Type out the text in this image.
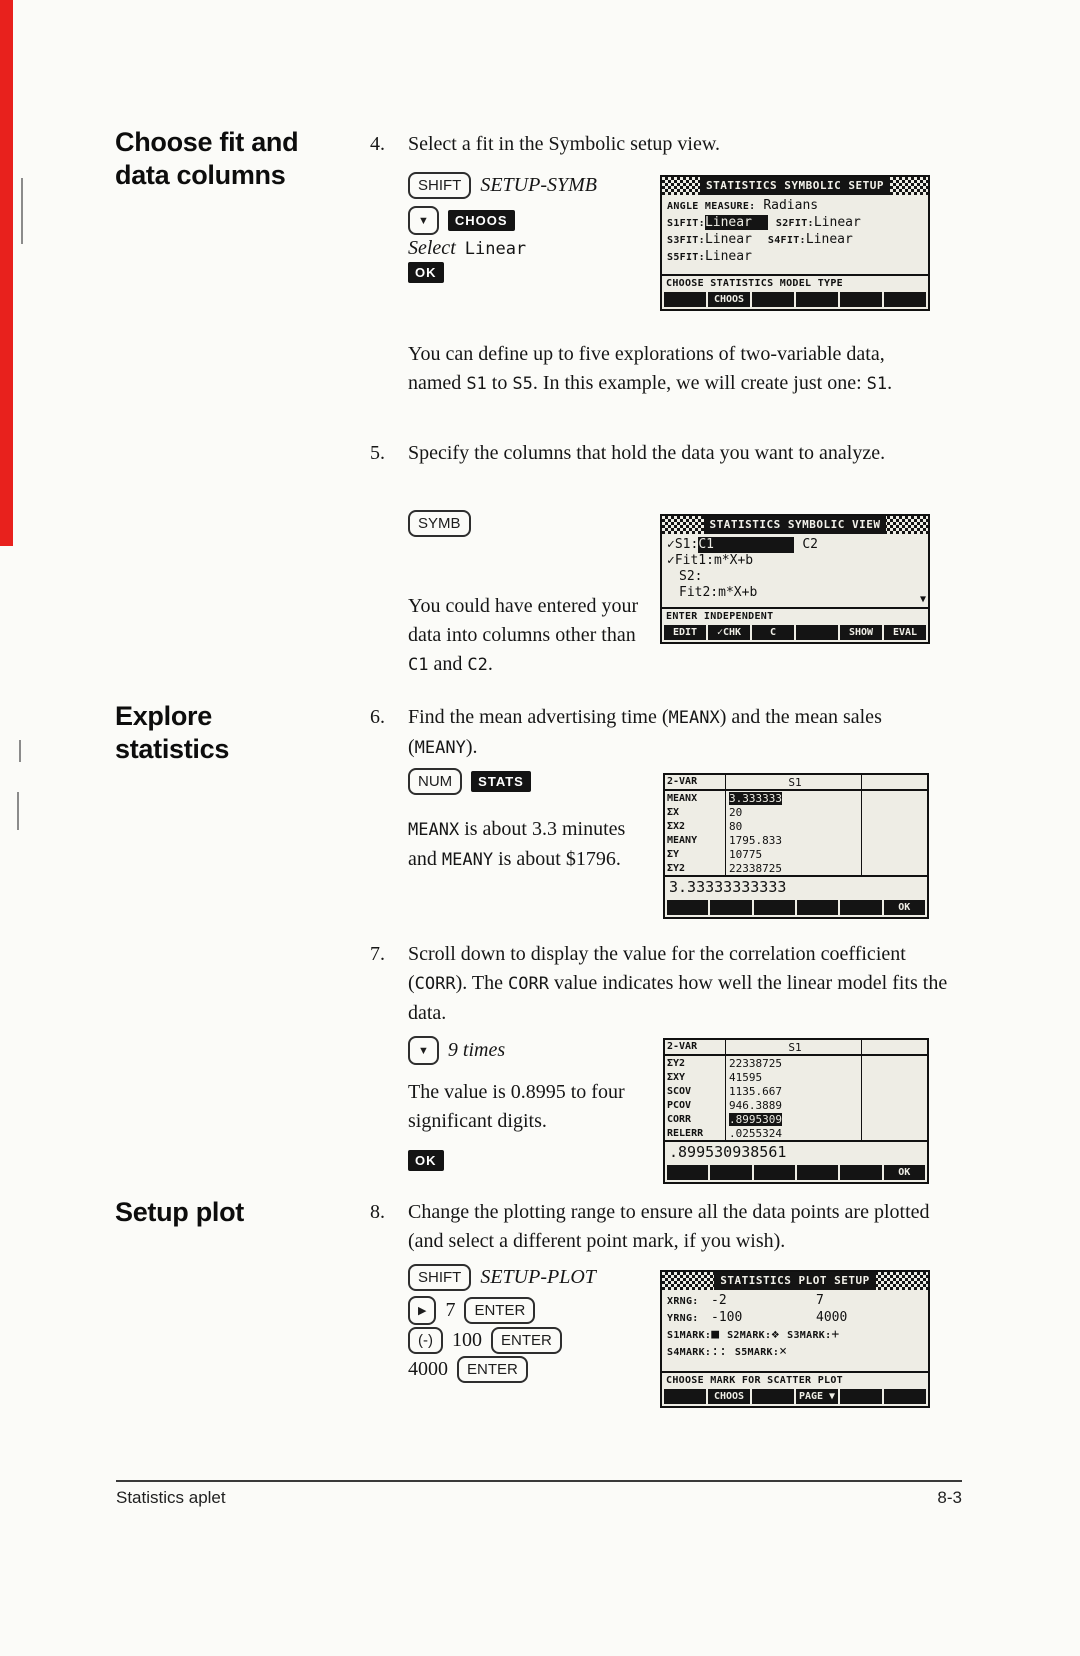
Choose fit and
data columns
4. Select a fit in the Symbolic setup view.

SHIFT SETUP-SYMB
▼ CHOOS
Select Linear
OK
STATISTICS SYMBOLIC SETUP
ANGLE MEASURE: Radians
S1FIT:Linear S2FIT:Linear
S3FIT:Linear S4FIT:Linear
S5FIT:Linear
CHOOSE STATISTICS MODEL TYPE
CHOOS

You can define up to five explorations of two-variable data, named S1 to S5. In this example, we will create just one: S1.

5. Specify the columns that hold the data you want to analyze.

SYMB	STATISTICS SYMBOLIC VIEW
✓S1:C1	C2
✓Fit1:m*X+b
S2:
Fit2:m*X+b	▼
ENTER INDEPENDENT
EDIT	✓CHK	C	SHOW	EVAL

You could have entered your data into columns other than C1 and C2.

Explore
statistics
6. Find the mean advertising time (MEANX) and the mean sales (MEANY).

NUM STATS

MEANX is about 3.3 minutes and MEANY is about $1796.

2-VAR	S1
MEANX	3.333333
ΣX	20
ΣX2	80
MEANY	1795.833
ΣY	10775
ΣY2	22338725
3.33333333333
OK
7. Scroll down to display the value for the correlation coefficient (CORR). The CORR value indicates how well the linear model fits the data.

▼ 9 times

The value is 0.8995 to four significant digits.

OK
2-VAR	S1
ΣY2	22338725
ΣXY	41595
SCOV	1135.667
PCOV	946.3889
CORR	.8995309
RELERR	.0255324
.899530938561
OK
Setup plot	8. Change the plotting range to ensure all the data points are plotted (and select a different point mark, if you wish).

SHIFT SETUP-PLOT
▶ 7 ENTER
(-) 100 ENTER
4000 ENTER
STATISTICS PLOT SETUP
XRNG: -2	7
YRNG: -100	4000
S1MARK:■ S2MARK:❖ S3MARK:+
S4MARK::: S5MARK:×
CHOOSE MARK FOR SCATTER PLOT
CHOOS	PAGE ▼
Statistics aplet	8-3
